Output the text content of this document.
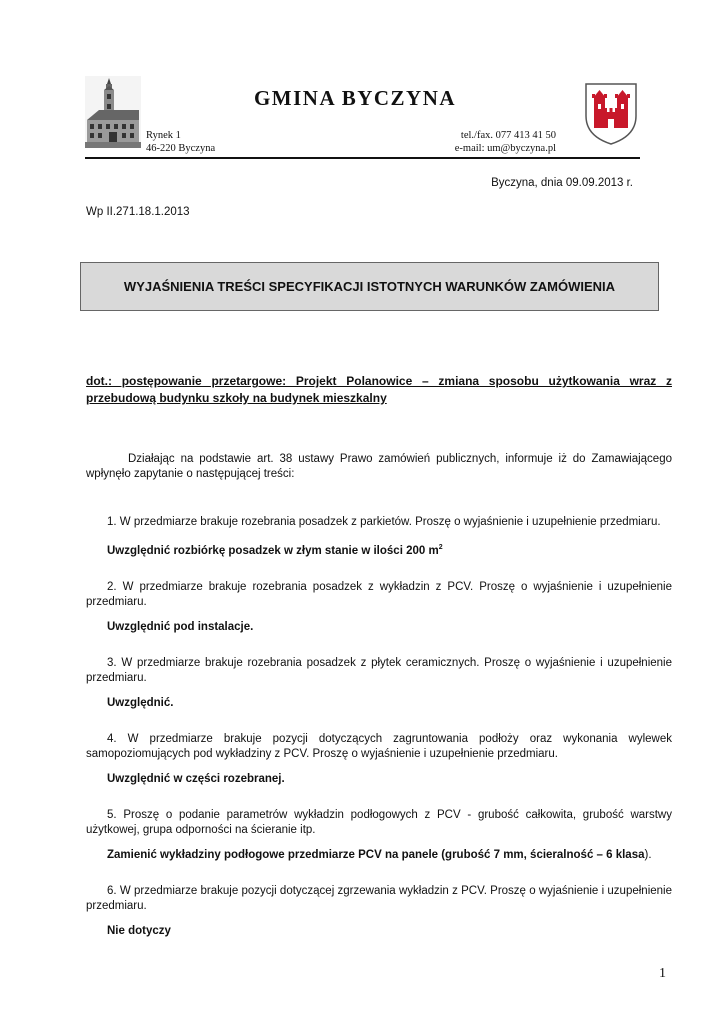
GMINA BYCZYNA
Rynek 1
46-220 Byczyna
tel./fax. 077 413 41 50
e-mail: um@byczyna.pl
Byczyna, dnia 09.09.2013 r.
Wp II.271.18.1.2013
WYJAŚNIENIA TREŚCI SPECYFIKACJI ISTOTNYCH WARUNKÓW ZAMÓWIENIA
dot.: postępowanie przetargowe: Projekt Polanowice – zmiana sposobu użytkowania wraz z przebudową budynku szkoły na budynek mieszkalny

Działając na podstawie art. 38 ustawy Prawo zamówień publicznych, informuje iż do Zamawiającego wpłynęło zapytanie o następującej treści:

1. W przedmiarze brakuje rozebrania posadzek z parkietów. Proszę o wyjaśnienie i uzupełnienie przedmiaru.

Uwzględnić rozbiórkę posadzek w złym stanie w ilości 200 $m^2$

2. W przedmiarze brakuje rozebrania posadzek z wykładzin z PCV. Proszę o wyjaśnienie i uzupełnienie przedmiaru.

Uwzględnić pod instalacje.

3. W przedmiarze brakuje rozebrania posadzek z płytek ceramicznych. Proszę o wyjaśnienie i uzupełnienie przedmiaru.

Uwzględnić.

4. W przedmiarze brakuje pozycji dotyczących zagruntowania podłoży oraz wykonania wylewek samopoziomujących pod wykładziny z PCV. Proszę o wyjaśnienie i uzupełnienie przedmiaru.

Uwzględnić w części rozebranej.

5. Proszę o podanie parametrów wykładzin podłogowych z PCV - grubość całkowita, grubość warstwy użytkowej, grupa odporności na ścieranie itp.

Zamienić wykładziny podłogowe przedmiarze PCV na panele (grubość 7 mm, ścieralność – 6 klasa).

6. W przedmiarze brakuje pozycji dotyczącej zgrzewania wykładzin z PCV. Proszę o wyjaśnienie i uzupełnienie przedmiaru.

Nie dotyczy

1
